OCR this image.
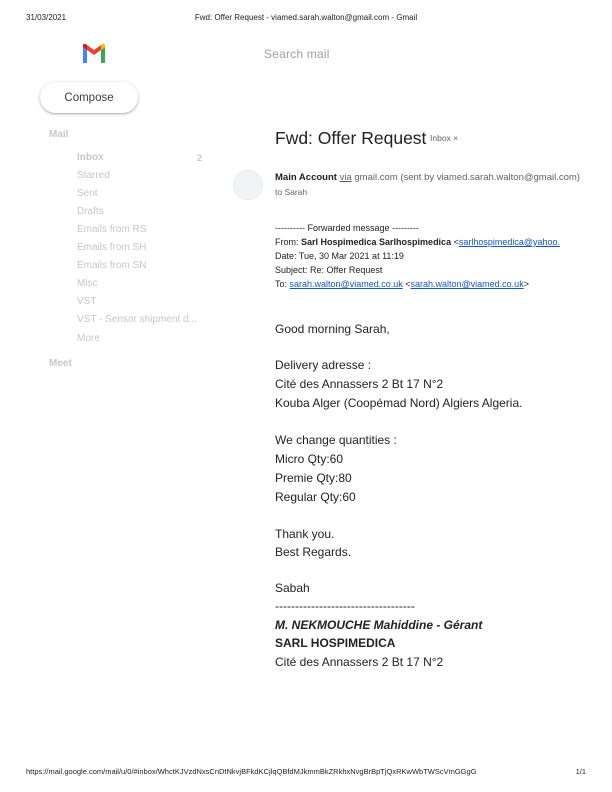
31/03/2021	Fwd: Offer Request - viamed.sarah.walton@gmail.com - Gmail
Search mail
Compose
Mail
Inbox	2
Starred
Sent
Drafts
Emails from RS
Emails from SH
Emails from SN
Misc
VST
VST - Sensor shipment d...
More
Meet
Fwd: Offer Request Inbox ×
Main Account via gmail.com (sent by viamed.sarah.walton@gmail.com)
to Sarah
---------- Forwarded message ---------
From: Sarl Hospimedica Sarlhospimedica <sarlhospimedica@yahoo.
Date: Tue, 30 Mar 2021 at 11:19
Subject: Re: Offer Request
To: sarah.walton@viamed.co.uk <sarah.walton@viamed.co.uk>
Good morning Sarah,
Delivery adresse :
Cité des Annassers 2 Bt 17 N°2
Kouba Alger (Coopémad Nord) Algiers Algeria.
We change quantities :
Micro Qty:60
Premie Qty:80
Regular Qty:60
Thank you.
Best Regards.
Sabah
-----------------------------------
M. NEKMOUCHE Mahiddine - Gérant
SARL HOSPIMEDICA
Cité des Annassers 2 Bt 17 N°2
https://mail.google.com/mail/u/0/#inbox/WhctKJVzdNxsCnDtNkvjBFkdKCjlqQBfdMJkmmBkZRkhxNvgBrBpTjQxRKwWbTWScVmGGgG	1/1
